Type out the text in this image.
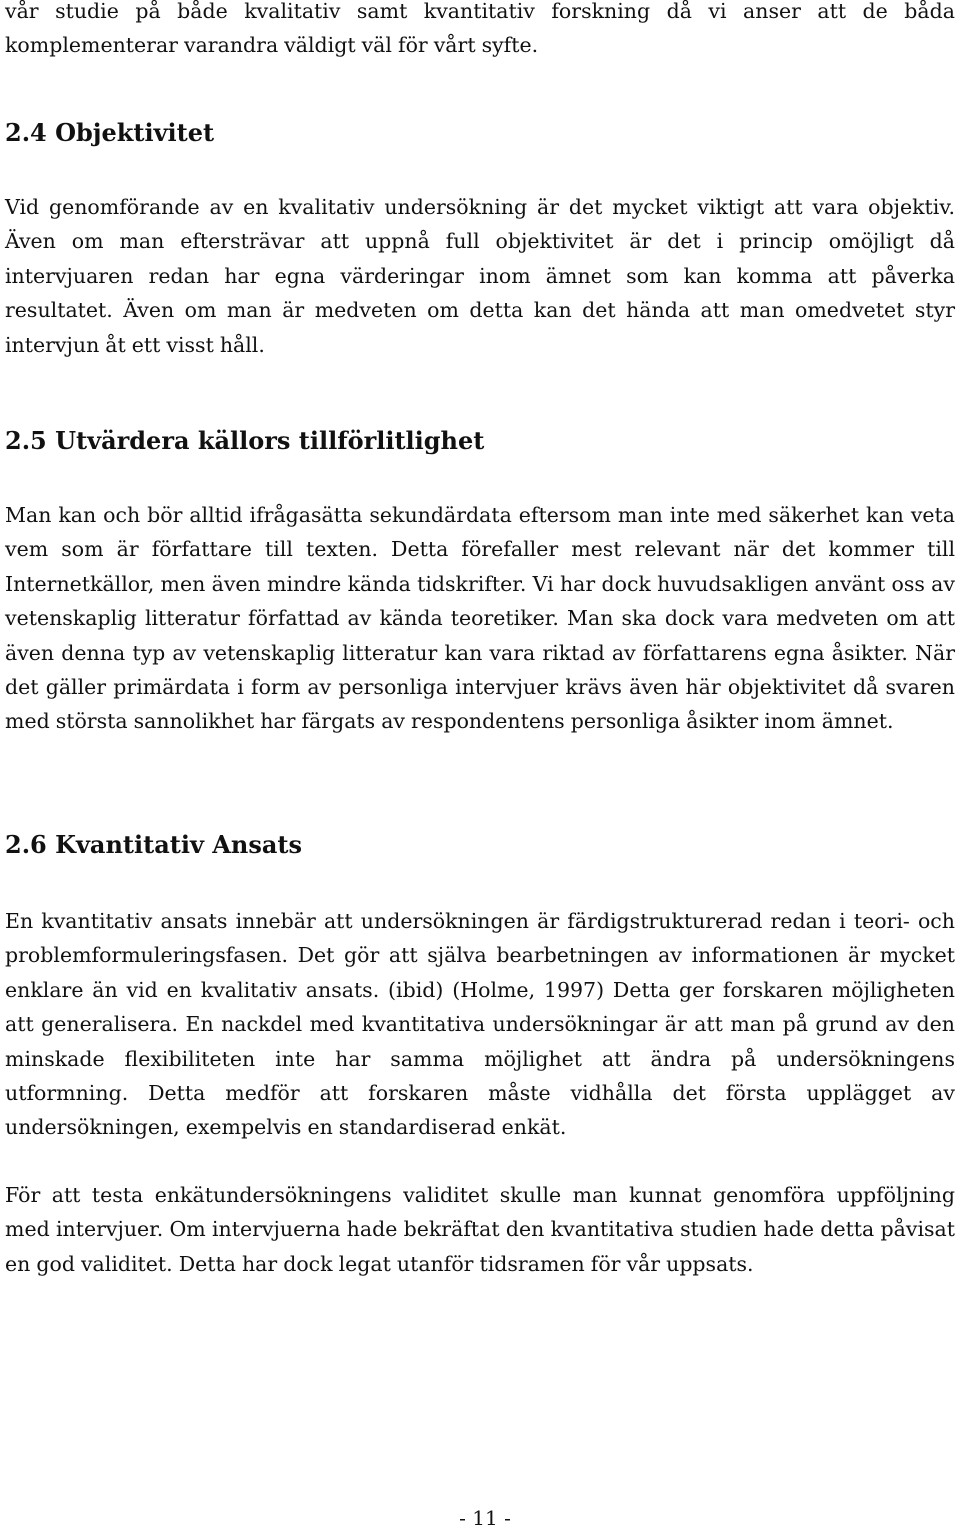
vår studie på både kvalitativ samt kvantitativ forskning då vi anser att de båda komplementerar varandra väldigt väl för vårt syfte.

2.4 Objektivitet

Vid genomförande av en kvalitativ undersökning är det mycket viktigt att vara objektiv. Även om man eftersträvar att uppnå full objektivitet är det i princip omöjligt då intervjuaren redan har egna värderingar inom ämnet som kan komma att påverka resultatet. Även om man är medveten om detta kan det hända att man omedvetet styr intervjun åt ett visst håll.

2.5 Utvärdera källors tillförlitlighet

Man kan och bör alltid ifrågasätta sekundärdata eftersom man inte med säkerhet kan veta vem som är författare till texten. Detta förefaller mest relevant när det kommer till Internetkällor, men även mindre kända tidskrifter. Vi har dock huvudsakligen använt oss av vetenskaplig litteratur författad av kända teoretiker. Man ska dock vara medveten om att även denna typ av vetenskaplig litteratur kan vara riktad av författarens egna åsikter. När det gäller primärdata i form av personliga intervjuer krävs även här objektivitet då svaren med största sannolikhet har färgats av respondentens personliga åsikter inom ämnet.

2.6 Kvantitativ Ansats

En kvantitativ ansats innebär att undersökningen är färdigstrukturerad redan i teori- och problemformuleringsfasen. Det gör att själva bearbetningen av informationen är mycket enklare än vid en kvalitativ ansats. (ibid) (Holme, 1997) Detta ger forskaren möjligheten att generalisera. En nackdel med kvantitativa undersökningar är att man på grund av den minskade flexibiliteten inte har samma möjlighet att ändra på undersökningens utformning. Detta medför att forskaren måste vidhålla det första upplägget av undersökningen, exempelvis en standardiserad enkät.

För att testa enkätundersökningens validitet skulle man kunnat genomföra uppföljning med intervjuer. Om intervjuerna hade bekräftat den kvantitativa studien hade detta påvisat en god validitet. Detta har dock legat utanför tidsramen för vår uppsats.

- 11 -
